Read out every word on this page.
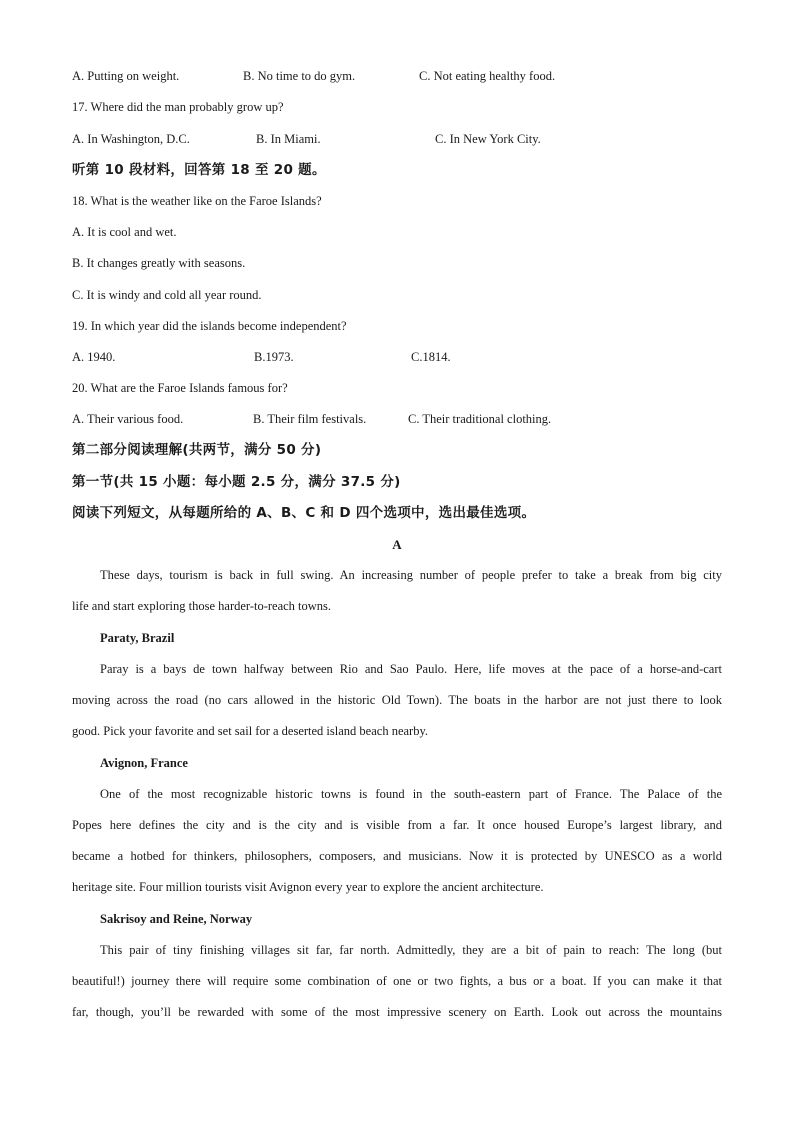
A. Putting on weight.	B. No time to do gym.	C. Not eating healthy food.
17. Where did the man probably grow up?
A. In Washington, D.C.	B. In Miami.	C. In New York City.
听第 10 段材料，回答第 18 至 20 题。
18. What is the weather like on the Faroe Islands?
A. It is cool and wet.
B. It changes greatly with seasons.
C. It is windy and cold all year round.
19. In which year did the islands become independent?
A. 1940.	B.1973.	C.1814.
20. What are the Faroe Islands famous for?
A. Their various food.	B. Their film festivals.	C. Their traditional clothing.
第二部分阅读理解(共两节，满分 50 分)
第一节(共 15 小题：每小题 2.5 分，满分 37.5 分)
阅读下列短文，从每题所给的 A、B、C 和 D 四个选项中，选出最佳选项。
A
These days, tourism is back in full swing. An increasing number of people prefer to take a break from big city
life and start exploring those harder-to-reach towns.
Paraty, Brazil
Paray is a bays de town halfway between Rio and Sao Paulo. Here, life moves at the pace of a horse-and-cart
moving across the road (no cars allowed in the historic Old Town). The boats in the harbor are not just there to look
good. Pick your favorite and set sail for a deserted island beach nearby.
Avignon, France
One of the most recognizable historic towns is found in the south-eastern part of France. The Palace of the
Popes here defines the city and is the city and is visible from a far. It once housed Europe’s largest library, and
became a hotbed for thinkers, philosophers, composers, and musicians. Now it is protected by UNESCO as a world
heritage site. Four million tourists visit Avignon every year to explore the ancient architecture.
Sakrisoy and Reine, Norway
This pair of tiny finishing villages sit far, far north. Admittedly, they are a bit of pain to reach: The long (but
beautiful!) journey there will require some combination of one or two fights, a bus or a boat. If you can make it that
far, though, you’ll be rewarded with some of the most impressive scenery on Earth. Look out across the mountains
